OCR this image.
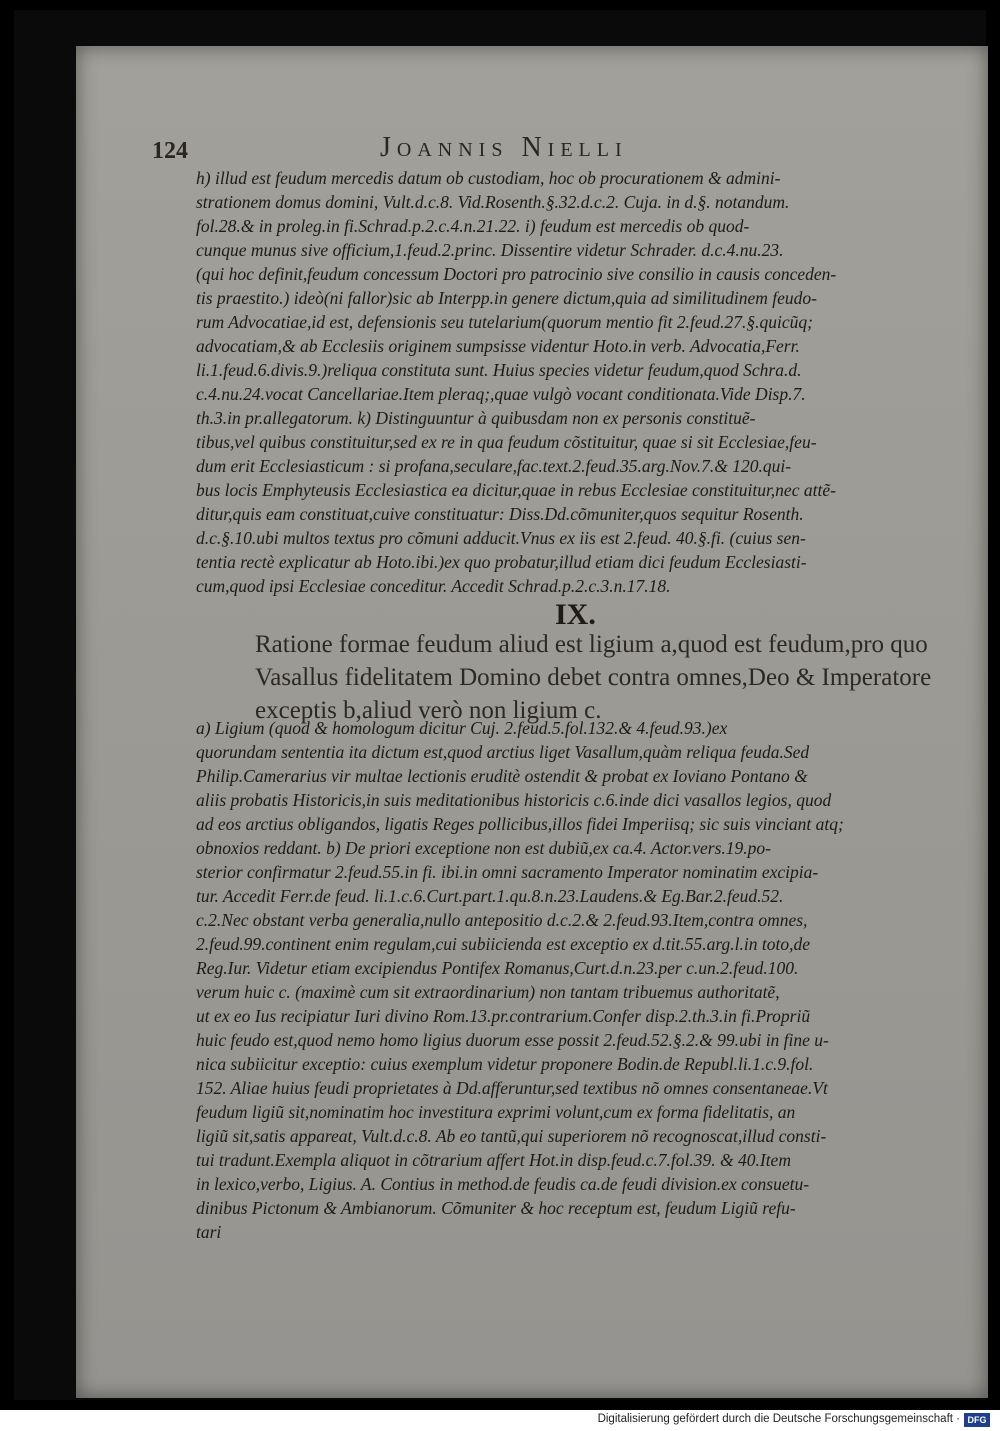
124	Joannis Nielli
h) illud est feudum mercedis datum ob custodiam, hoc ob procurationem & admini-
strationem domus domini, Vult.d.c.8. Vid.Rosenth.§.32.d.c.2. Cuja. in d.§. notandum.
fol.28.& in proleg.in fi.Schrad.p.2.c.4.n.21.22. i) feudum est mercedis ob quod-
cunque munus sive officium,1.feud.2.princ. Dissentire videtur Schrader. d.c.4.nu.23.
(qui hoc definit,feudum concessum Doctori pro patrocinio sive consilio in causis conceden-
tis praestito.) ideò(ni fallor)sic ab Interpp.in genere dictum,quia ad similitudinem feudo-
rum Advocatiae,id est, defensionis seu tutelarium(quorum mentio fit 2.feud.27.§.quicũq;
advocatiam,& ab Ecclesiis originem sumpsisse videntur Hoto.in verb. Advocatia,Ferr.
li.1.feud.6.divis.9.)reliqua constituta sunt. Huius species videtur feudum,quod Schra.d.
c.4.nu.24.vocat Cancellariae.Item pleraq;,quae vulgò vocant conditionata.Vide Disp.7.
th.3.in pr.allegatorum. k) Distinguuntur à quibusdam non ex personis constituẽ-
tibus,vel quibus constituitur,sed ex re in qua feudum cõstituitur, quae si sit Ecclesiae,feu-
dum erit Ecclesiasticum : si profana,seculare,fac.text.2.feud.35.arg.Nov.7.& 120.qui-
bus locis Emphyteusis Ecclesiastica ea dicitur,quae in rebus Ecclesiae constituitur,nec attẽ-
ditur,quis eam constituat,cuive constituatur: Diss.Dd.cõmuniter,quos sequitur Rosenth.
d.c.§.10.ubi multos textus pro cõmuni adducit.Vnus ex iis est 2.feud. 40.§.fi. (cuius sen-
tentia rectè explicatur ab Hoto.ibi.)ex quo probatur,illud etiam dici feudum Ecclesiasti-
cum,quod ipsi Ecclesiae conceditur. Accedit Schrad.p.2.c.3.n.17.18.
IX.
Ratione formae feudum aliud est ligium a,quod est feudum,pro quo
Vasallus fidelitatem Domino debet contra omnes,Deo & Imperatore
exceptis b,aliud verò non ligium c.
a) Ligium (quod & homologum dicitur Cuj. 2.feud.5.fol.132.& 4.feud.93.)ex
quorundam sententia ita dictum est,quod arctius liget Vasallum,quàm reliqua feuda.Sed
Philip.Camerarius vir multae lectionis eruditè ostendit & probat ex Ioviano Pontano &
aliis probatis Historicis,in suis meditationibus historicis c.6.inde dici vasallos legios, quod
ad eos arctius obligandos, ligatis Reges pollicibus,illos fidei Imperiisq; sic suis vinciant atq;
obnoxios reddant. b) De priori exceptione non est dubiũ,ex ca.4. Actor.vers.19.po-
sterior confirmatur 2.feud.55.in fi. ibi.in omni sacramento Imperator nominatim excipia-
tur. Accedit Ferr.de feud. li.1.c.6.Curt.part.1.qu.8.n.23.Laudens.& Eg.Bar.2.feud.52.
c.2.Nec obstant verba generalia,nullo antepositio d.c.2.& 2.feud.93.Item,contra omnes,
2.feud.99.continent enim regulam,cui subiicienda est exceptio ex d.tit.55.arg.l.in toto,de
Reg.Iur. Videtur etiam excipiendus Pontifex Romanus,Curt.d.n.23.per c.un.2.feud.100.
verum huic c. (maximè cum sit extraordinarium) non tantam tribuemus authoritatẽ,
ut ex eo Ius recipiatur Iuri divino Rom.13.pr.contrarium.Confer disp.2.th.3.in fi.Propriũ
huic feudo est,quod nemo homo ligius duorum esse possit 2.feud.52.§.2.& 99.ubi in fine u-
nica subiicitur exceptio: cuius exemplum videtur proponere Bodin.de Republ.li.1.c.9.fol.
152. Aliae huius feudi proprietates à Dd.afferuntur,sed textibus nõ omnes consentaneae.Vt
feudum ligiũ sit,nominatim hoc investitura exprimi volunt,cum ex forma fidelitatis, an
ligiũ sit,satis appareat, Vult.d.c.8. Ab eo tantũ,qui superiorem nõ recognoscat,illud consti-
tui tradunt.Exempla aliquot in cõtrarium affert Hot.in disp.feud.c.7.fol.39. & 40.Item
in lexico,verbo, Ligius. A. Contius in method.de feudis ca.de feudi division.ex consuetu-
dinibus Pictonum & Ambianorum. Cõmuniter & hoc receptum est, feudum Ligiũ refu-
tari
Digitalisierung gefördert durch die Deutsche Forschungsgemeinschaft · DFG
